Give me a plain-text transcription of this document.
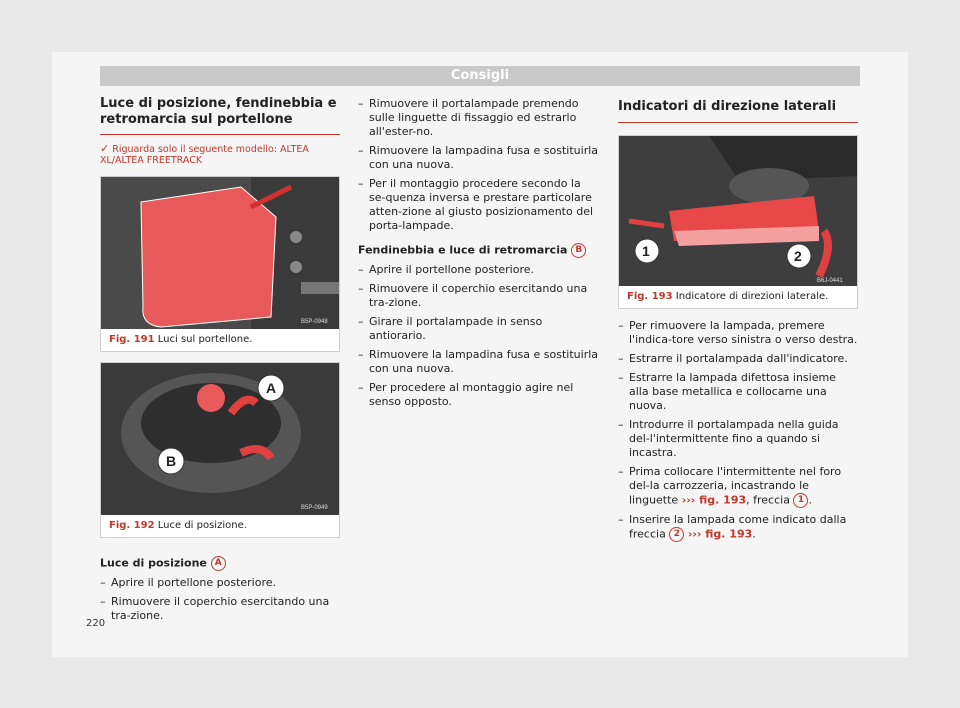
Consigli
Luce di posizione, fendinebbia e retromarcia sul portellone
✓ Riguarda solo il seguente modello: ALTEA XL/ALTEA FREETRACK
B5P-0948
Fig. 191 Luci sul portellone.
A
B
B5P-0949
Fig. 192 Luce di posizione.
Luce di posizione A
– Aprire il portellone posteriore.
– Rimuovere il coperchio esercitando una tra-zione.
– Rimuovere il portalampade premendo sulle linguette di fissaggio ed estrarlo all'ester-no.
– Rimuovere la lampadina fusa e sostituirla con una nuova.
– Per il montaggio procedere secondo la se-quenza inversa e prestare particolare atten-zione al giusto posizionamento del porta-lampade.
Fendinebbia e luce di retromarcia B
– Aprire il portellone posteriore.
– Rimuovere il coperchio esercitando una tra-zione.
– Girare il portalampade in senso antiorario.
– Rimuovere la lampadina fusa e sostituirla con una nuova.
– Per procedere al montaggio agire nel senso opposto.
Indicatori di direzione laterali
1	2
B6J-0441
Fig. 193 Indicatore di direzioni laterale.
– Per rimuovere la lampada, premere l'indica-tore verso sinistra o verso destra.
– Estrarre il portalampada dall'indicatore.
– Estrarre la lampada difettosa insieme alla base metallica e collocarne una nuova.
– Introdurre il portalampada nella guida del-l'intermittente fino a quando si incastra.
– Prima collocare l'intermittente nel foro del-la carrozzeria, incastrando le linguette ››› fig. 193, freccia 1 .
– Inserire la lampada come indicato dalla freccia 2 ››› fig. 193.
220
